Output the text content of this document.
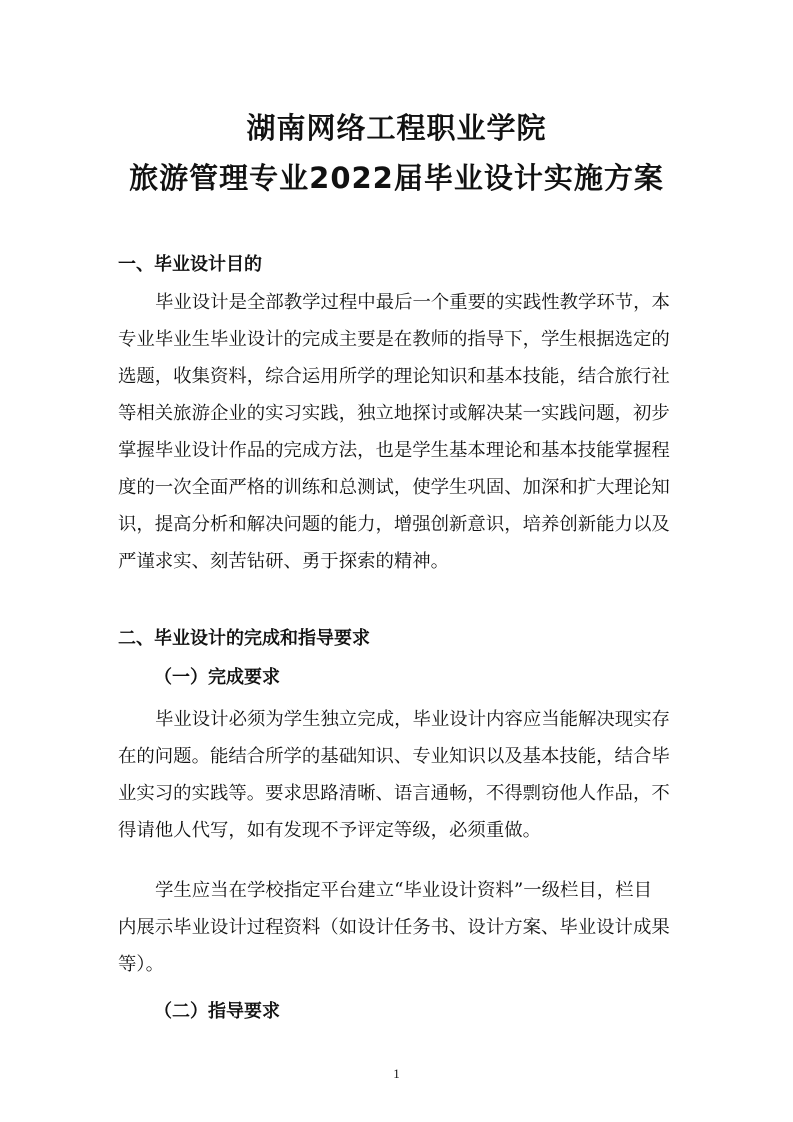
湖南网络工程职业学院
旅游管理专业2022届毕业设计实施方案
一、毕业设计目的
毕业设计是全部教学过程中最后一个重要的实践性教学环节，本
专业毕业生毕业设计的完成主要是在教师的指导下，学生根据选定的
选题，收集资料，综合运用所学的理论知识和基本技能，结合旅行社
等相关旅游企业的实习实践，独立地探讨或解决某一实践问题，初步
掌握毕业设计作品的完成方法，也是学生基本理论和基本技能掌握程
度的一次全面严格的训练和总测试，使学生巩固、加深和扩大理论知
识，提高分析和解决问题的能力，增强创新意识，培养创新能力以及
严谨求实、刻苦钻研、勇于探索的精神。
二、毕业设计的完成和指导要求
（一）完成要求
毕业设计必须为学生独立完成，毕业设计内容应当能解决现实存
在的问题。能结合所学的基础知识、专业知识以及基本技能，结合毕
业实习的实践等。要求思路清晰、语言通畅，不得剽窃他人作品，不
得请他人代写，如有发现不予评定等级，必须重做。
学生应当在学校指定平台建立“毕业设计资料”一级栏目，栏目
内展示毕业设计过程资料（如设计任务书、设计方案、毕业设计成果
等）。
（二）指导要求
1
